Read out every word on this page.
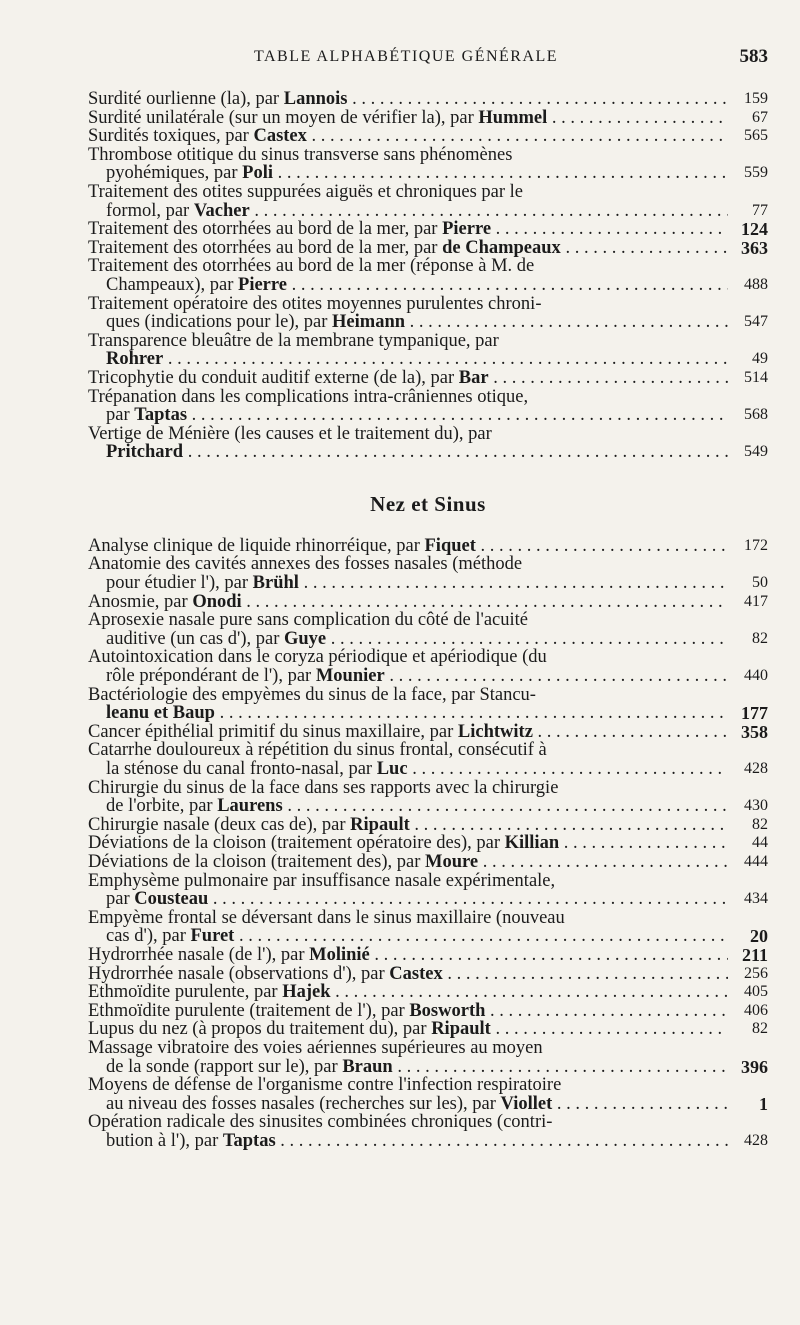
TABLE ALPHABÉTIQUE GÉNÉRALE	583
Surdité ourlienne (la), par Lannois . . .	159
Surdité unilatérale (sur un moyen de vérifier la), par Hummel . . .	67
Surdités toxiques, par Castex . . .	565
Thrombose otitique du sinus transverse sans phénomènes
pyohémiques, par Poli . . .	559
Traitement des otites suppurées aiguës et chroniques par le
formol, par Vacher . . .	77
Traitement des otorrhées au bord de la mer, par Pierre . . .	124
Traitement des otorrhées au bord de la mer, par de Champeaux . . .	363
Traitement des otorrhées au bord de la mer (réponse à M. de
Champeaux), par Pierre . . .	488
Traitement opératoire des otites moyennes purulentes chroni-
ques (indications pour le), par Heimann . . .	547
Transparence bleuâtre de la membrane tympanique, par
Rohrer . . .	49
Tricophytie du conduit auditif externe (de la), par Bar . . .	514
Trépanation dans les complications intra-crâniennes otique,
par Taptas . . .	568
Vertige de Ménière (les causes et le traitement du), par
Pritchard . . .	549
Nez et Sinus
Analyse clinique de liquide rhinorréique, par Fiquet . . .	172
Anatomie des cavités annexes des fosses nasales (méthode
pour étudier l'), par Brühl . . .	50
Anosmie, par Onodi . . .	417
Aprosexie nasale pure sans complication du côté de l'acuité
auditive (un cas d'), par Guye . . .	82
Autointoxication dans le coryza périodique et apériodique (du
rôle prépondérant de l'), par Mounier . . .	440
Bactériologie des empyèmes du sinus de la face, par Stancu-
leanu et Baup . . .	177
Cancer épithélial primitif du sinus maxillaire, par Lichtwitz . . .	358
Catarrhe douloureux à répétition du sinus frontal, consécutif à
la sténose du canal fronto-nasal, par Luc . . .	428
Chirurgie du sinus de la face dans ses rapports avec la chirurgie
de l'orbite, par Laurens . . .	430
Chirurgie nasale (deux cas de), par Ripault . . .	82
Déviations de la cloison (traitement opératoire des), par Killian . . .	44
Déviations de la cloison (traitement des), par Moure . . .	444
Emphysème pulmonaire par insuffisance nasale expérimentale,
par Cousteau . . .	434
Empyème frontal se déversant dans le sinus maxillaire (nouveau
cas d'), par Furet . . .	20
Hydrorrhée nasale (de l'), par Molinié . . .	211
Hydrorrhée nasale (observations d'), par Castex . . .	256
Ethmoïdite purulente, par Hajek . . .	405
Ethmoïdite purulente (traitement de l'), par Bosworth . . .	406
Lupus du nez (à propos du traitement du), par Ripault . . .	82
Massage vibratoire des voies aériennes supérieures au moyen
de la sonde (rapport sur le), par Braun . . .	396
Moyens de défense de l'organisme contre l'infection respiratoire
au niveau des fosses nasales (recherches sur les), par Viollet . . .	1
Opération radicale des sinusites combinées chroniques (contri-
bution à l'), par Taptas . . .	428
